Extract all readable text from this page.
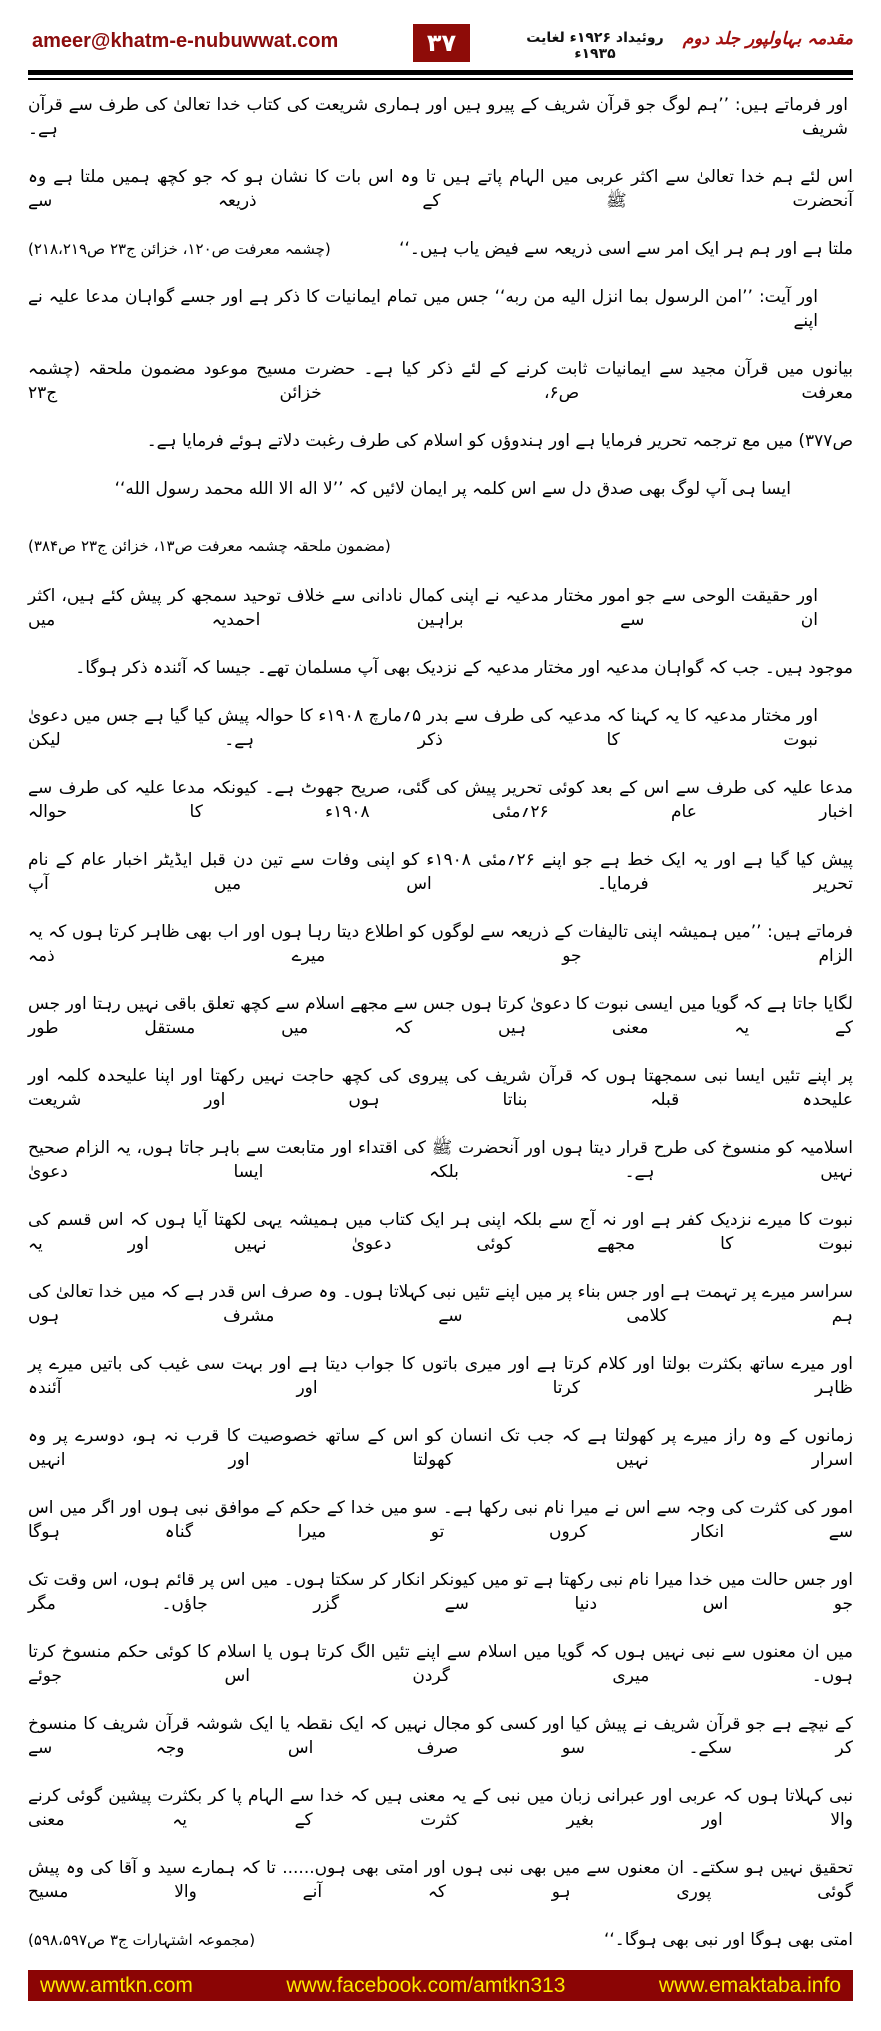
ameer@khatm-e-nubuwwat.com	۳۷	روئیداد ۱۹۲۶ء لغایت ۱۹۳۵ء
مقدمہ بہاولپور جلد دوم
اور فرماتے ہیں: ’’ہم لوگ جو قرآن شریف کے پیرو ہیں اور ہماری شریعت کی کتاب خدا تعالیٰ کی طرف سے قرآن شریف ہے۔
اس لئے ہم خدا تعالیٰ سے اکثر عربی میں الہام پاتے ہیں تا وہ اس بات کا نشان ہو کہ جو کچھ ہمیں ملتا ہے وہ آنحضرت ﷺ کے ذریعہ سے
ملتا ہے اور ہم ہر ایک امر سے اسی ذریعہ سے فیض یاب ہیں۔‘‘
(چشمہ معرفت ص۱۲۰، خزائن ج۲۳ ص۲۱۸،۲۱۹)
اور آیت: ’’امن الرسول بما انزل الیه من ربه‘‘ جس میں تمام ایمانیات کا ذکر ہے اور جسے گواہان مدعا علیہ نے اپنے
بیانوں میں قرآن مجید سے ایمانیات ثابت کرنے کے لئے ذکر کیا ہے۔ حضرت مسیح موعود مضمون ملحقہ (چشمہ معرفت ص۶، خزائن ج۲۳
ص۳۷۷) میں مع ترجمہ تحریر فرمایا ہے اور ہندوؤں کو اسلام کی طرف رغبت دلاتے ہوئے فرمایا ہے۔
ایسا ہی آپ لوگ بھی صدق دل سے اس کلمہ پر ایمان لائیں کہ ’’لا اله الا الله محمد رسول الله‘‘
(مضمون ملحقہ چشمہ معرفت ص۱۳، خزائن ج۲۳ ص۳۸۴)
اور حقیقت الوحی سے جو امور مختار مدعیہ نے اپنی کمال نادانی سے خلاف توحید سمجھ کر پیش کئے ہیں، اکثر ان سے براہین احمدیہ میں
موجود ہیں۔ جب کہ گواہان مدعیہ اور مختار مدعیہ کے نزدیک بھی آپ مسلمان تھے۔ جیسا کہ آئندہ ذکر ہوگا۔
اور مختار مدعیہ کا یہ کہنا کہ مدعیہ کی طرف سے بدر ۵؍مارچ ۱۹۰۸ء کا حوالہ پیش کیا گیا ہے جس میں دعویٰ نبوت کا ذکر ہے۔ لیکن
مدعا علیہ کی طرف سے اس کے بعد کوئی تحریر پیش کی گئی، صریح جھوٹ ہے۔ کیونکہ مدعا علیہ کی طرف سے اخبار عام ۲۶؍مئی ۱۹۰۸ء کا حوالہ
پیش کیا گیا ہے اور یہ ایک خط ہے جو اپنے ۲۶؍مئی ۱۹۰۸ء کو اپنی وفات سے تین دن قبل ایڈیٹر اخبار عام کے نام تحریر فرمایا۔ اس میں آپ
فرماتے ہیں: ’’میں ہمیشہ اپنی تالیفات کے ذریعہ سے لوگوں کو اطلاع دیتا رہا ہوں اور اب بھی ظاہر کرتا ہوں کہ یہ الزام جو میرے ذمہ
لگایا جاتا ہے کہ گویا میں ایسی نبوت کا دعویٰ کرتا ہوں جس سے مجھے اسلام سے کچھ تعلق باقی نہیں رہتا اور جس کے یہ معنی ہیں کہ میں مستقل طور
پر اپنے تئیں ایسا نبی سمجھتا ہوں کہ قرآن شریف کی پیروی کی کچھ حاجت نہیں رکھتا اور اپنا علیحدہ کلمہ اور علیحدہ قبلہ بناتا ہوں اور شریعت
اسلامیہ کو منسوخ کی طرح قرار دیتا ہوں اور آنحضرت ﷺ کی اقتداء اور متابعت سے باہر جاتا ہوں، یہ الزام صحیح نہیں ہے۔ بلکہ ایسا دعویٰ
نبوت کا میرے نزدیک کفر ہے اور نہ آج سے بلکہ اپنی ہر ایک کتاب میں ہمیشہ یہی لکھتا آیا ہوں کہ اس قسم کی نبوت کا مجھے کوئی دعویٰ نہیں اور یہ
سراسر میرے پر تہمت ہے اور جس بناء پر میں اپنے تئیں نبی کہلاتا ہوں۔ وہ صرف اس قدر ہے کہ میں خدا تعالیٰ کی ہم کلامی سے مشرف ہوں
اور میرے ساتھ بکثرت بولتا اور کلام کرتا ہے اور میری باتوں کا جواب دیتا ہے اور بہت سی غیب کی باتیں میرے پر ظاہر کرتا اور آئندہ
زمانوں کے وہ راز میرے پر کھولتا ہے کہ جب تک انسان کو اس کے ساتھ خصوصیت کا قرب نہ ہو، دوسرے پر وہ اسرار نہیں کھولتا اور انہیں
امور کی کثرت کی وجہ سے اس نے میرا نام نبی رکھا ہے۔ سو میں خدا کے حکم کے موافق نبی ہوں اور اگر میں اس سے انکار کروں تو میرا گناہ ہوگا
اور جس حالت میں خدا میرا نام نبی رکھتا ہے تو میں کیونکر انکار کر سکتا ہوں۔ میں اس پر قائم ہوں، اس وقت تک جو اس دنیا سے گزر جاؤں۔ مگر
میں ان معنوں سے نبی نہیں ہوں کہ گویا میں اسلام سے اپنے تئیں الگ کرتا ہوں یا اسلام کا کوئی حکم منسوخ کرتا ہوں۔ میری گردن اس جوئے
کے نیچے ہے جو قرآن شریف نے پیش کیا اور کسی کو مجال نہیں کہ ایک نقطہ یا ایک شوشہ قرآن شریف کا منسوخ کر سکے۔ سو صرف اس وجہ سے
نبی کہلاتا ہوں کہ عربی اور عبرانی زبان میں نبی کے یہ معنی ہیں کہ خدا سے الہام پا کر بکثرت پیشین گوئی کرنے والا اور بغیر کثرت کے یہ معنی
تحقیق نہیں ہو سکتے۔ ان معنوں سے میں بھی نبی ہوں اور امتی بھی ہوں...... تا کہ ہمارے سید و آقا کی وہ پیش گوئی پوری ہو کہ آنے والا مسیح
امتی بھی ہوگا اور نبی بھی ہوگا۔‘‘
(مجموعہ اشتہارات ج۳ ص۵۹۸،۵۹۷)
www.amtkn.com	www.facebook.com/amtkn313	www.emaktaba.info
